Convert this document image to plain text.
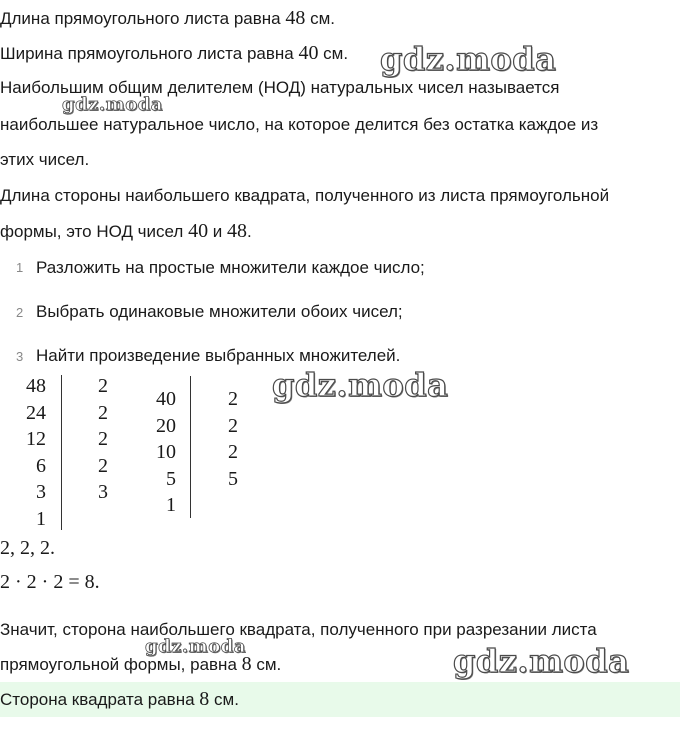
Длина прямоугольного листа равна 48 см.
Ширина прямоугольного листа равна 40 см.
Наибольшим общим делителем (НОД) натуральных чисел называется
наибольшее натуральное число, на которое делится без остатка каждое из
этих чисел.
Длина стороны наибольшего квадрата, полученного из листа прямоугольной
формы, это НОД чисел 40 и 48.
1 Разложить на простые множители каждое число;
2 Выбрать одинаковые множители обоих чисел;
3 Найти произведение выбранных множителей.
48
24
12
6
3
1
2
2
2
2
3
40
20
10
5
1
2
2
2
5
2, 2, 2.
2 · 2 · 2 = 8.
Значит, сторона наибольшего квадрата, полученного при разрезании листа
прямоугольной формы, равна 8 см.
Сторона квадрата равна 8 см.
gdz.moda
gdz.moda
gdz.moda
gdz.moda	gdz.moda
